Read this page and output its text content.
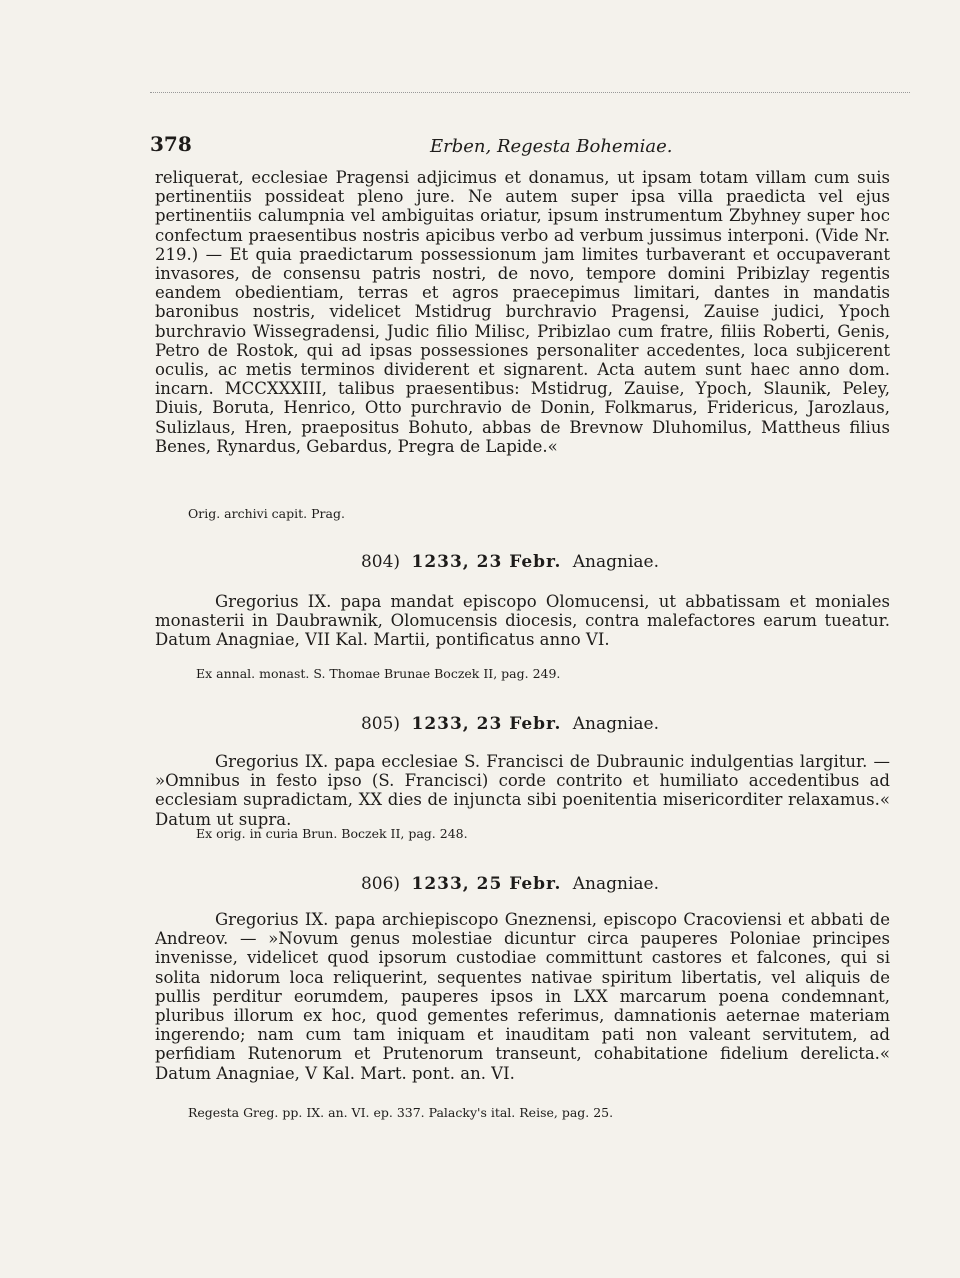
378	Erben, Regesta Bohemiae.

reliquerat, ecclesiae Pragensi adjicimus et donamus, ut ipsam totam villam cum suis pertinentiis possideat pleno jure. Ne autem super ipsa villa praedicta vel ejus pertinentiis calumpnia vel ambiguitas oriatur, ipsum instrumentum Zbyhney super hoc confectum praesentibus nostris apicibus verbo ad verbum jussimus interponi. (Vide Nr. 219.) — Et quia praedictarum possessionum jam limites turbaverant et occupaverant invasores, de consensu patris nostri, de novo, tempore domini Pribizlay regentis eandem obedientiam, terras et agros praecepimus limitari, dantes in mandatis baronibus nostris, videlicet Mstidrug burchravio Pragensi, Zauise judici, Ypoch burchravio Wissegradensi, Judic filio Milisc, Pribizlao cum fratre, filiis Roberti, Genis, Petro de Rostok, qui ad ipsas possessiones personaliter accedentes, loca subjicerent oculis, ac metis terminos dividerent et signarent. Acta autem sunt haec anno dom. incarn. MCCXXXIII, talibus praesentibus: Mstidrug, Zauise, Ypoch, Slaunik, Peley, Diuis, Boruta, Henrico, Otto purchravio de Donin, Folkmarus, Fridericus, Jarozlaus, Sulizlaus, Hren, praepositus Bohuto, abbas de Brevnow Dluhomilus, Mattheus filius Benes, Rynardus, Gebardus, Pregra de Lapide.«

Orig. archivi capit. Prag.
804) 1233, 23 Febr. Anagniae.

Gregorius IX. papa mandat episcopo Olomucensi, ut abbatissam et moniales monasterii in Daubrawnik, Olomucensis diocesis, contra malefactores earum tueatur. Datum Anagniae, VII Kal. Martii, pontificatus anno VI.

Ex annal. monast. S. Thomae Brunae Boczek II, pag. 249.
805) 1233, 23 Febr. Anagniae.

Gregorius IX. papa ecclesiae S. Francisci de Dubraunic indulgentias largitur. — »Omnibus in festo ipso (S. Francisci) corde contrito et humiliato accedentibus ad ecclesiam supradictam, XX dies de injuncta sibi poenitentia misericorditer relaxamus.« Datum ut supra.

Ex orig. in curia Brun. Boczek II, pag. 248.
806) 1233, 25 Febr. Anagniae.

Gregorius IX. papa archiepiscopo Gneznensi, episcopo Cracoviensi et abbati de Andreov. — »Novum genus molestiae dicuntur circa pauperes Poloniae principes invenisse, videlicet quod ipsorum custodiae committunt castores et falcones, qui si solita nidorum loca reliquerint, sequentes nativae spiritum libertatis, vel aliquis de pullis perditur eorumdem, pauperes ipsos in LXX marcarum poena condemnant, pluribus illorum ex hoc, quod gementes referimus, damnationis aeternae materiam ingerendo; nam cum tam iniquam et inauditam pati non valeant servitutem, ad perfidiam Rutenorum et Prutenorum transeunt, cohabitatione fidelium derelicta.« Datum Anagniae, V Kal. Mart. pont. an. VI.

Regesta Greg. pp. IX. an. VI. ep. 337. Palacky's ital. Reise, pag. 25.
